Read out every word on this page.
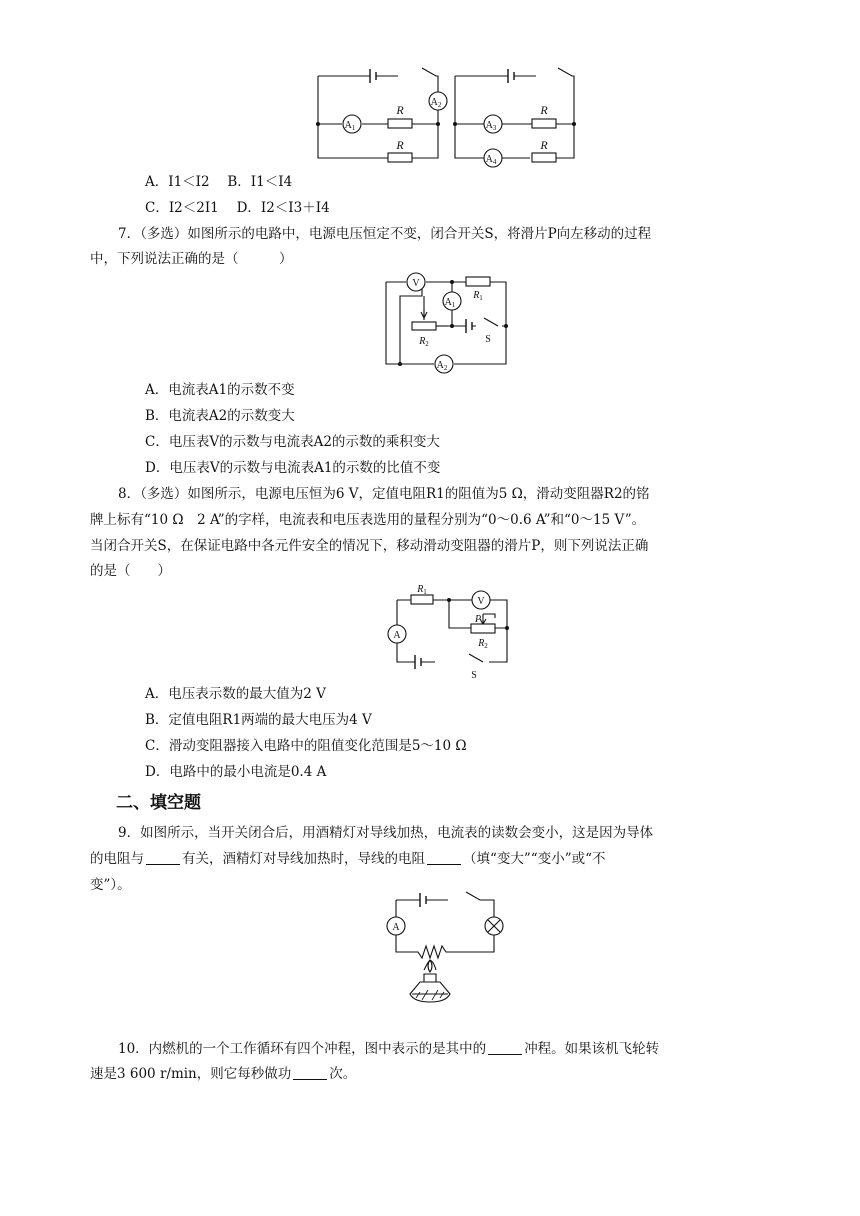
$A_2$
$A_1$	$A_3$
$A_4$
R
R
R
R
A．I1＜I2　 B．I1＜I4
C．I2＜2I1　 D．I2＜I3＋I4
7．（多选）如图所示的电路中，电源电压恒定不变，闭合开关S，将滑片P向左移动的过程
中，下列说法正确的是（　　　）
V
$A_1$
$A_2$
S
$R_1$
$R_2$
A．电流表A1的示数不变
B．电流表A2的示数变大
C．电压表V的示数与电流表A2的示数的乘积变大
D．电压表V的示数与电流表A1的示数的比值不变
8．（多选）如图所示，电源电压恒为6 V，定值电阻R1的阻值为5 Ω，滑动变阻器R2的铭
牌上标有“10 Ω　2 A”的字样，电流表和电压表选用的量程分别为“0～0.6 A”和“0～15 V”。
当闭合开关S，在保证电路中各元件安全的情况下，移动滑动变阻器的滑片P，则下列说法正确
的是（　　）
V
A
S
$R_1$
P
$R_2$
A．电压表示数的最大值为2 V
B．定值电阻R1两端的最大电压为4 V
C．滑动变阻器接入电路中的阻值变化范围是5～10 Ω
D．电路中的最小电流是0.4 A
二、填空题
9．如图所示，当开关闭合后，用酒精灯对导线加热，电流表的读数会变小，这是因为导体
的电阻与	有关，酒精灯对导线加热时，导线的电阻	（填“变大”“变小”或“不
变”）。
A
10．内燃机的一个工作循环有四个冲程，图中表示的是其中的	冲程。如果该机飞轮转
速是3 600 r/min，则它每秒做功	次。
